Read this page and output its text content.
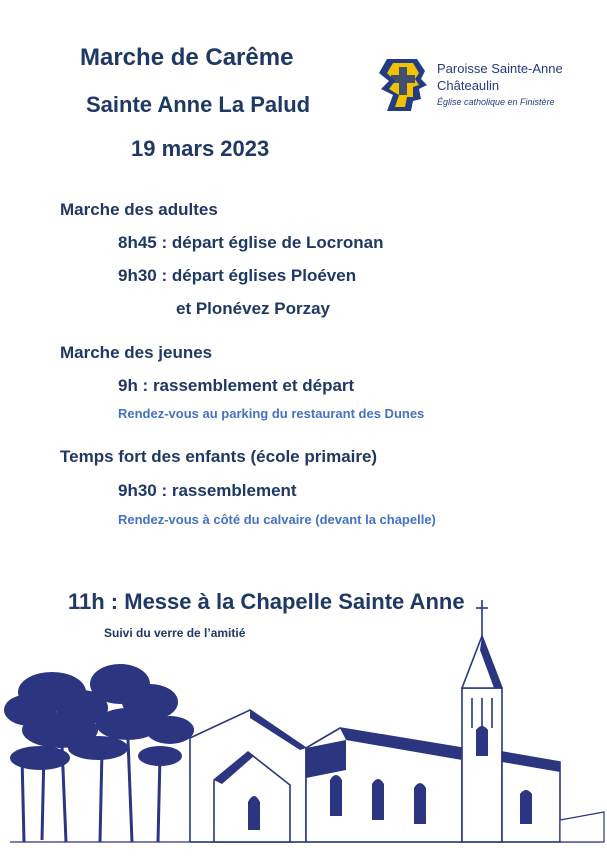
Marche de Carême
Sainte Anne La Palud
19 mars 2023
Paroisse Sainte-Anne
Châteaulin
Église catholique en Finistère
Marche des adultes
8h45 : départ église de Locronan
9h30 : départ églises Ploéven
et Plonévez Porzay
Marche des jeunes
9h : rassemblement et départ
Rendez-vous au parking du restaurant des Dunes
Temps fort des enfants (école primaire)
9h30 : rassemblement
Rendez-vous à côté du calvaire (devant la chapelle)
11h : Messe à la Chapelle Sainte Anne
Suivi du verre de l’amitié
